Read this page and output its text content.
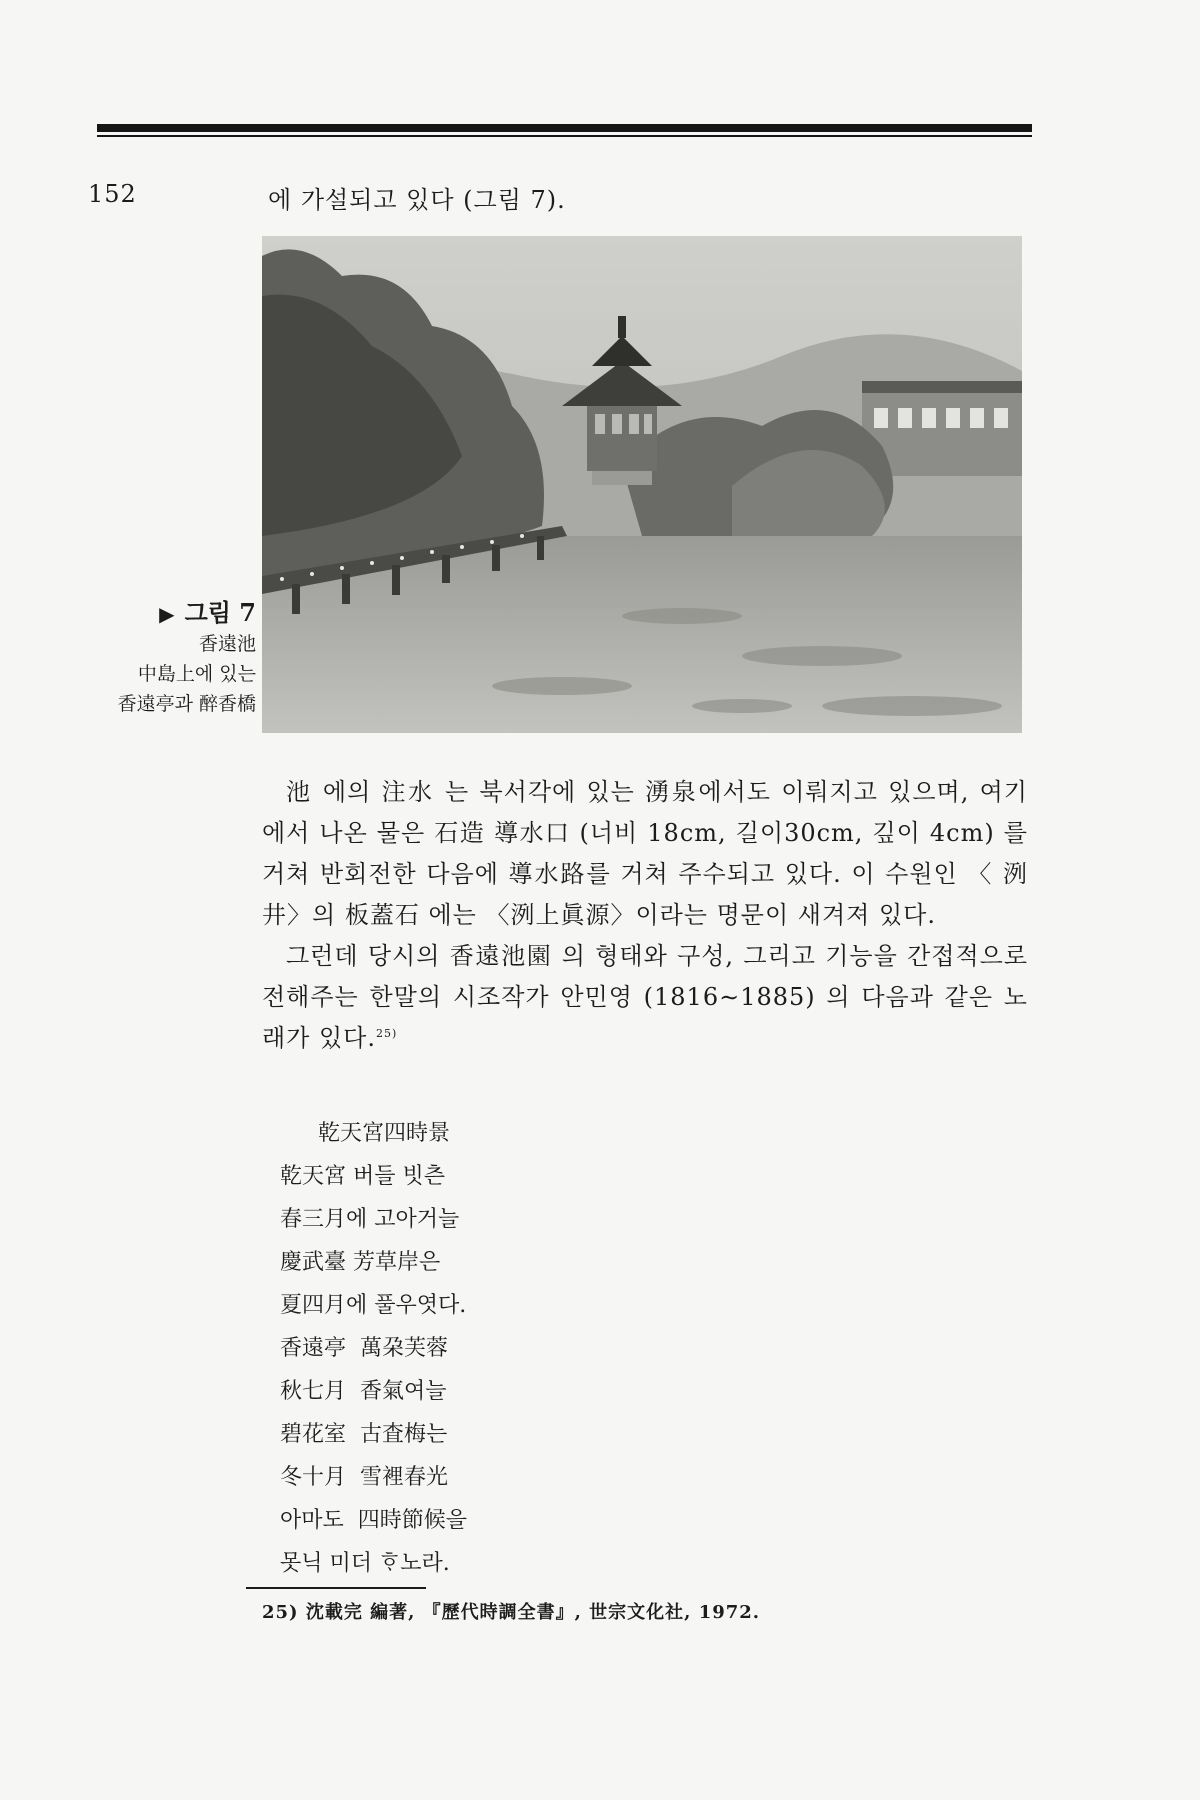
152	에 가설되고 있다 (그림 7).
▶ 그림 7
香遠池
中島上에 있는
香遠亭과 醉香橋

池 에의 注水 는 북서각에 있는 湧泉에서도 이뤄지고 있으며, 여기에서 나온 물은 石造 導水口 (너비 18cm, 길이30cm, 깊이 4cm) 를 거쳐 반회전한 다음에 導水路를 거쳐 주수되고 있다. 이 수원인 〈 洌井〉의 板蓋石 에는 〈洌上眞源〉이라는 명문이 새겨져 있다.

그런데 당시의 香遠池園 의 형태와 구성, 그리고 기능을 간접적으로 전해주는 한말의 시조작가 안민영 (1816∼1885) 의 다음과 같은 노래가 있다.$^{25)}$

乾天宮四時景
乾天宮 버들 빗츤
春三月에 고아거늘
慶武臺 芳草岸은
夏四月에 풀우엿다.
香遠亭  萬朶芙蓉
秋七月  香氣여늘
碧花室  古査梅는
冬十月  雪裡春光
아마도  四時節候을
못닉 미더 ᄒᆞ노라.
25) 沈載完 編著, 『歷代時調全書』, 世宗文化社, 1972.
